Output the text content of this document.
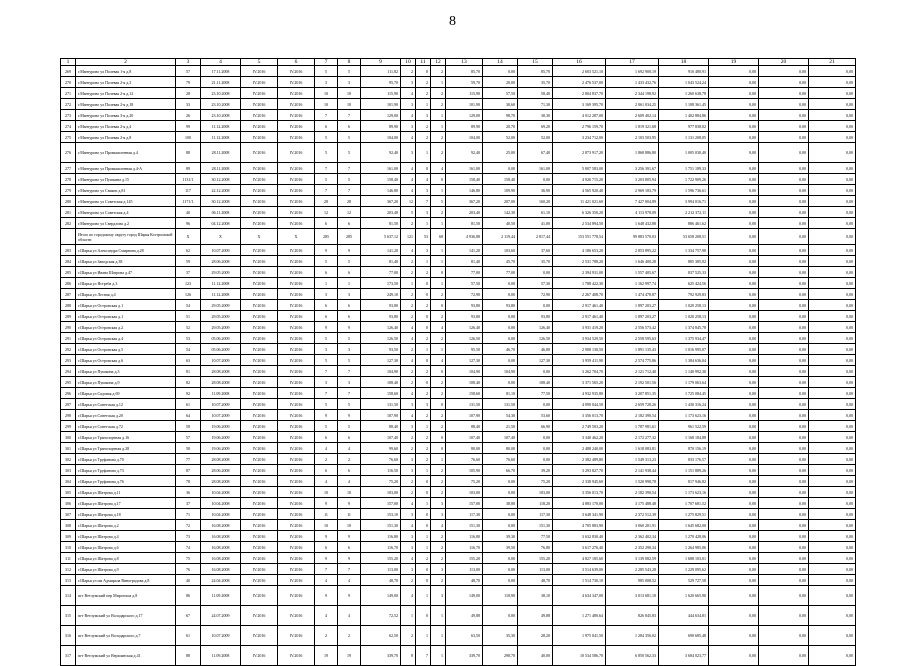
8
1	2	3	4	5	6	7	8	9	10	11	12	13	14	15	16	17	18	19	20	21
269	г.Мантурово ул Полевая 1-я д.8	57	17.11.2008	IV.2016	IV.2016	5	5	111,82	2	0	2	85,70	0,00	85,70	2 603 521,10	1 692 900,19	910 480,91	0,00	0,00	0,00
270	г.Мантурово ул Полевая 2-я д.3	79	21.11.2008	IV.2016	IV.2016	3	3	95,70	3	2	1	59,70	20,00	35,70	2 476 537,00	1 433 432,76	1 043 524,24	0,00	0,00	0,00
271	г.Мантурово ул Полевая 2-я д.12	28	23.10.2008	IV.2016	IV.2016	10	10	115,90	4	2	2	115,90	57,50	58,40	2 804 837,70	2 344 198,92	1 260 638,78	0,00	0,00	0,00
272	г.Мантурово ул Полевая 2-я д.18	33	23.10.2008	IV.2016	IV.2016	10	10	101,90	3	1	2	101,90	30,60	71,30	3 169 395,70	2 061 034,25	1 108 361,45	0,00	0,00	0,00
273	г.Мантурово ул Полевая 3-я д.20	26	23.10.2008	IV.2016	IV.2016	7	7	129,00	4	3	1	129,00	98,70	30,30	4 012 287,00	2 609 402,14	1 402 884,86	0,00	0,00	0,00
274	г.Мантурово ул Полевая 2-я д.4	99	11.12.2008	IV.2016	IV.2016	6	6	89,90	3	2	1	89,90	20,70	69,20	2 796 159,70	1 819 321,68	977 838,02	0,00	0,00	0,00
275	г.Мантурово ул Полевая 2-я д.8	100	11.12.2008	IV.2016	IV.2016	5	5	104,00	4	2	2	104,00	52,00	52,00	3 234 712,00	2 103 503,95	1 131 208,05	0,00	0,00	0,00
276	г.Мантурово ул Промышленная д.4	88	28.11.2008	IV.2016	IV.2016	5	5	92,40	3	1	2	92,40	25,00	67,40	2 873 917,20	1 868 886,80	1 005 030,40	0,00	0,00	0,00
277	г.Мантурово ул Промышленная д.4-А	89	28.11.2008	IV.2016	IV.2016	7	7	161,00	4	0	4	161,00	0,00	161,00	5 007 583,00	3 256 391,67	1 751 189,33	0,00	0,00	0,00
278	г.Мантурово ул Пушкина д.15	1131/1	30.12.2008	IV.2016	IV.2016	5	5	158,40	4	4	0	158,40	158,40	0,00	4 926 715,20	3 203 805,94	1 722 909,26	0,00	0,00	0,00
279	г.Мантурово ул Свияги д.81	117	22.12.2008	IV.2016	IV.2016	7	7	146,80	4	3	1	146,80	109,90	36,90	4 565 920,40	2 969 183,79	1 596 736,61	0,00	0,00	0,00
280	г.Мантурово ул Советская д.145	1171/1	30.12.2008	IV.2016	IV.2016	28	28	367,20	12	7	5	367,20	207,00	160,20	11 421 021,60	7 427 004,89	3 994 016,71	0,00	0,00	0,00
281	г.Мантурово ул Советская д.4	40	06.11.2008	IV.2016	IV.2016	12	12	203,40	5	3	2	203,40	142,30	61,10	6 326 350,20	4 113 978,09	2 212 372,11	0,00	0,00	0,00
282	г.Мантурово ул Свердлова д.2	96	04.12.2008	IV.2016	IV.2016	6	6	81,50	2	1	1	81,50	40,50	41,00	2 534 894,50	1 648 432,88	886 461,62	0,00	0,00	0,00
	Итого по городскому округу город Шарья Костромской области	X	X	X	X	285	285	5 637,12	121	53	68	4 936,88	2 119,44	2 817,44	153 551 778,54	99 883 570,03	53 658 208,51	0,00	0,00	0,00
283	г.Шарья ул Александра Смирнова д.28	62	10.07.2009	IV.2016	IV.2016	9	9	141,20	4	3	1	141,20	103,60	37,60	4 186 653,20	2 853 895,22	1 334 757,98	0,00	0,00	0,00
284	г.Шарья ул Заводская д.38	59	28.06.2008	IV.2016	IV.2016	5	5	81,40	2	1	1	81,40	45,70	35,70	2 531 788,20	1 646 400,28	885 385,92	0,00	0,00	0,00
285	г.Шарья ул Ивана Шатрова д.47	37	29.05.2009	IV.2016	IV.2016	6	6	77,00	2	2	0	77,00	77,00	0,00	2 394 931,00	1 557 405,67	837 525,33	0,00	0,00	0,00
286	г.Шарья ул Ястреба д.3	123	11.12.2008	IV.2016	IV.2016	1	1	173,50	1	0	1	57,50	0,00	57,30	1 788 422,30	1 162 997,74	625 424,56	0,00	0,00	0,00
287	г.Шарья ул Лесная д.4	126	11.12.2008	IV.2016	IV.2016	3	3	249,10	2	0	2	72,90	0,00	72,90	2 267 408,70	1 474 478,87	792 929,83	0,00	0,00	0,00
288	г.Шарья ул Островская д.1	54	29.05.2009	IV.2016	IV.2016	6	6	93,80	2	2	0	93,80	93,80	0,00	2 917 461,40	1 897 203,27	1 020 258,13	0,00	0,00	0,00
289	г.Шарья ул Островская д.1	51	29.05.2009	IV.2016	IV.2016	6	6	93,80	2	0	2	93,80	0,00	93,80	2 917 461,40	1 897 203,27	1 020 258,13	0,00	0,00	0,00
290	г.Шарья ул Островская д.2	52	29.05.2009	IV.2016	IV.2016	9	9	126,40	4	0	4	126,40	0,00	126,40	3 931 419,20	2 556 573,42	1 374 845,78	0,00	0,00	0,00
291	г.Шарья ул Островская д.4	53	05.06.2009	IV.2016	IV.2016	5	5	126,50	4	2	2	126,50	0,00	126,50	3 934 529,50	2 558 595,63	1 375 934,47	0,00	0,00	0,00
292	г.Шарья ул Островская д.5	54	05.06.2009	IV.2016	IV.2016	3	3	93,50	2	1	1	95,50	46,70	46,80	2 908 130,50	1 891 135,43	1 016 995,07	0,00	0,00	0,00
293	г.Шарья ул Островская д.6	63	10.07.2009	IV.2016	IV.2016	5	5	127,30	4	0	4	127,30	0,00	127,30	3 959 411,90	2 574 775,86	1 384 636,04	0,00	0,00	0,00
294	г.Шарья ул Пушкина д.3	81	28.08.2008	IV.2016	IV.2016	7	7	104,90	2	2	0	104,90	104,90	0,00	3 262 704,70	2 121 712,40	1 140 992,30	0,00	0,00	0,00
295	г.Шарья ул Пушкина д.9	82	28.08.2008	IV.2016	IV.2016	3	3	108,40	2	0	2	108,40	0,00	108,40	3 371 565,20	2 192 501,56	1 179 063,64	0,00	0,00	0,00
296	г.Шарья ул Садовая д.69	92	11.09.2008	IV.2016	IV.2016	7	7	158,60	4	2	2	158,60	81,10	77,50	4 932 935,80	3 207 851,35	1 725 084,45	0,00	0,00	0,00
297	г.Шарья ул Советская д.12	61	10.07.2009	IV.2016	IV.2016	5	5	131,50	3	3	0	131,50	131,50	0,00	4 090 044,50	2 659 728,26	1 430 316,24	0,00	0,00	0,00
298	г.Шарья ул Советская д.20	64	10.07.2009	IV.2016	IV.2016	9	9	107,90	4	2	2	107,90	54,30	53,60	3 356 013,70	2 182 390,54	1 173 623,16	0,00	0,00	0,00
299	г.Шарья ул Советская д.72	58	19.06.2009	IV.2016	IV.2016	5	5	88,40	3	1	2	88,40	21,50	66,90	2 749 503,20	1 787 981,61	961 522,59	0,00	0,00	0,00
300	г.Шарья ул Транспортная д.16	57	19.06.2009	IV.2016	IV.2016	6	6	107,40	2	2	0	107,40	107,40	0,00	3 340 462,20	2 172 277,32	1 168 184,88	0,00	0,00	0,00
301	г.Шарья ул Транспортная д.28	58	19.06.2009	IV.2016	IV.2016	4	4	99,60	2	2	0	80,00	80,00	0,00	2 488 240,00	1 618 083,81	870 156,19	0,00	0,00	0,00
302	г.Шарья ул Труфанова д.70	77	28.08.2008	IV.2016	IV.2016	2	2	76,60	3	2	1	76,60	76,60	0,00	2 382 489,80	1 549 313,23	833 176,57	0,00	0,00	0,00
303	г.Шарья ул Труфанова д.73	87	28.06.2008	IV.2016	IV.2016	6	6	116,50	3	1	2	105,90	66,70	39,20	3 293 827,70	2 141 938,44	1 151 889,26	0,00	0,00	0,00
304	г.Шарья ул Труфанова д.76	78	28.08.2008	IV.2016	IV.2016	4	4	75,20	2	0	2	75,20	0,00	75,20	2 338 945,60	1 520 998,78	817 946,82	0,00	0,00	0,00
305	г.Шарья ул Шатрова д.11	36	10.04.2008	IV.2016	IV.2016	10	10	103,00	2	0	2	103,00	0,00	103,00	3 356 013,70	2 182 390,54	1 173 623,16	0,00	0,00	0,00
306	г.Шарья ул Шатрова д.17	37	10.04.2008	IV.2016	IV.2016	9	9	157,00	4	1	3	157,00	38,80	118,20	4 883 170,00	3 175 488,48	1 707 681,52	0,00	0,00	0,00
307	г.Шарья ул Шатрова д.18	71	10.04.2008	IV.2016	IV.2016	11	11	153,10	3	0	3	117,30	0,00	117,30	3 648 341,90	2 372 512,39	1 275 829,51	0,00	0,00	0,00
308	г.Шарья ул Шатрова д.2	72	16.08.2008	IV.2016	IV.2016	10	10	151,30	4	0	4	151,30	0,00	151,30	4 705 883,90	3 060 201,91	1 645 682,00	0,00	0,00	0,00
309	г.Шарья ул Шатрова д.4	73	16.08.2008	IV.2016	IV.2016	9	9	116,80	3	1	2	116,80	39,30	77,50	3 632 830,40	2 362 402,34	1 270 428,06	0,00	0,00	0,00
310	г.Шарья ул Шатрова д.6	74	16.08.2008	IV.2016	IV.2016	6	6	116,70	3	1	2	116,70	39,50	76,80	3 617 276,40	2 352 290,34	1 264 985,06	0,00	0,00	0,00
311	г.Шарья ул Шатрова д.8	75	16.08.2008	IV.2016	IV.2016	9	9	155,20	4	2	2	155,20	0,00	155,20	4 827 185,60	3 139 082,59	1 688 103,01	0,00	0,00	0,00
312	г.Шарья ул Шатрова д.9	76	16.08.2008	IV.2016	IV.2016	7	7	113,00	3	0	3	113,00	0,00	113,00	3 514 639,00	2 285 543,28	1 229 095,62	0,00	0,00	0,00
313	г.Шарья ул им Адмирала Виноградова д.8	40	24.04.2008	IV.2016	IV.2016	4	4	48,70	2	0	2	48,70	0,00	48,70	1 514 730,10	985 008,52	529 727,58	0,00	0,00	0,00
314	пгт Ветлужский пер Мирогоша д.8	86	11.09.2008	IV.2016	IV.2016	9	9	149,00	4	1	3	149,00	110,90	38,10	4 634 347,00	3 013 681,10	1 620 665,90	0,00	0,00	0,00
315	пгт Ветлужский ул Володарского д.17	67	24.07.2009	IV.2016	IV.2016	4	4	72,52	1	0	1	49,88	0,00	49,88	1 271 480,64	826 845,83	444 634,81	0,00	0,00	0,00
316	пгт Ветлужский ул Володарского д.7	61	10.07.2009	IV.2016	IV.2016	2	2	62,50	2	1	1	63,50	35,30	28,20	1 975 041,50	1 284 356,02	690 685,48	0,00	0,00	0,00
317	пгт Ветлужский ул Верхоянская д.41	88	11.09.2008	IV.2016	IV.2016	19	19	339,70	8	7	1	339,70	298,70	40,00	10 534 586,70	6 850 562,33	3 684 023,77	0,00	0,00	0,00
